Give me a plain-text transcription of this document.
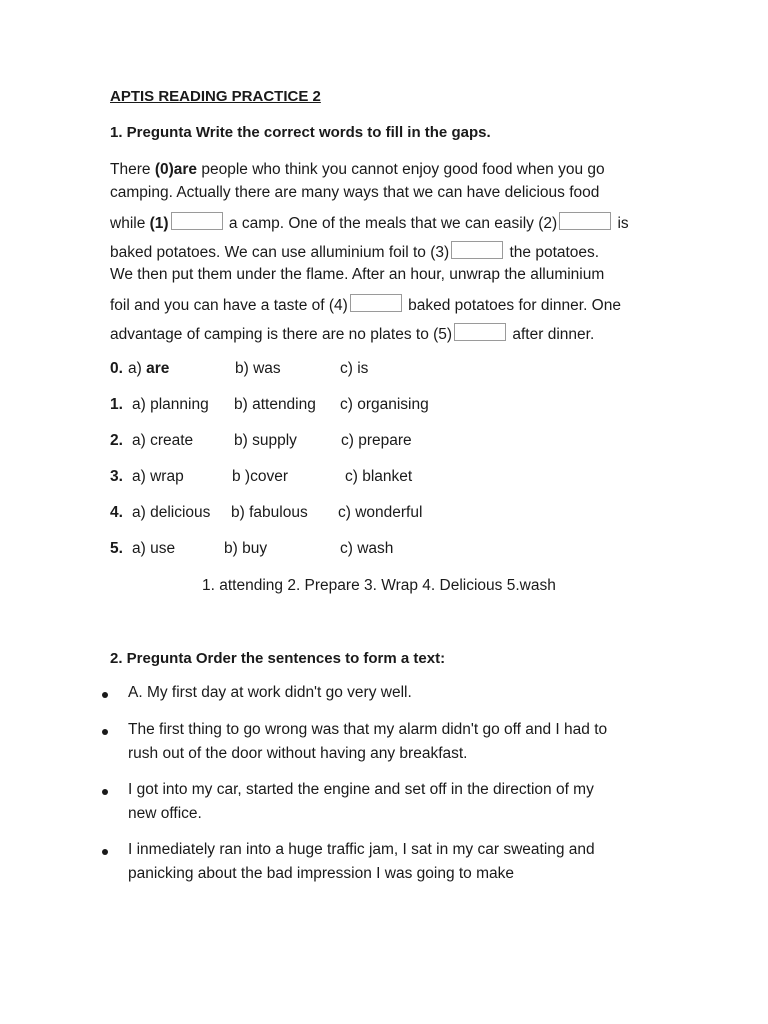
APTIS READING PRACTICE 2
1. Pregunta Write the correct words to fill in the gaps.
There (0)are people who think you cannot enjoy good food when you go
camping. Actually there are many ways that we can have delicious food
while (1)	a camp. One of the meals that we can easily (2)	is
baked potatoes. We can use alluminium foil to (3)	the potatoes.
We then put them under the flame. After an hour, unwrap the alluminium
foil and you can have a taste of (4)	baked potatoes for dinner. One
advantage of camping is there are no plates to (5)	after dinner.
0. a) are	b) was	c) is
1. a) planning b) attending c) organising
2. a) create	b) supply	c) prepare
3. a) wrap	b )cover	c) blanket
4. a) delicious b) fabulous c) wonderful
5. a) use	b) buy	c) wash
1. attending 2. Prepare 3. Wrap 4. Delicious 5.wash
2. Pregunta Order the sentences to form a text:
A. My first day at work didn't go very well.
The first thing to go wrong was that my alarm didn't go off and I had to
rush out of the door without having any breakfast.
I got into my car, started the engine and set off in the direction of my
new office.
I inmediately ran into a huge traffic jam, I sat in my car sweating and
panicking about the bad impression I was going to make
